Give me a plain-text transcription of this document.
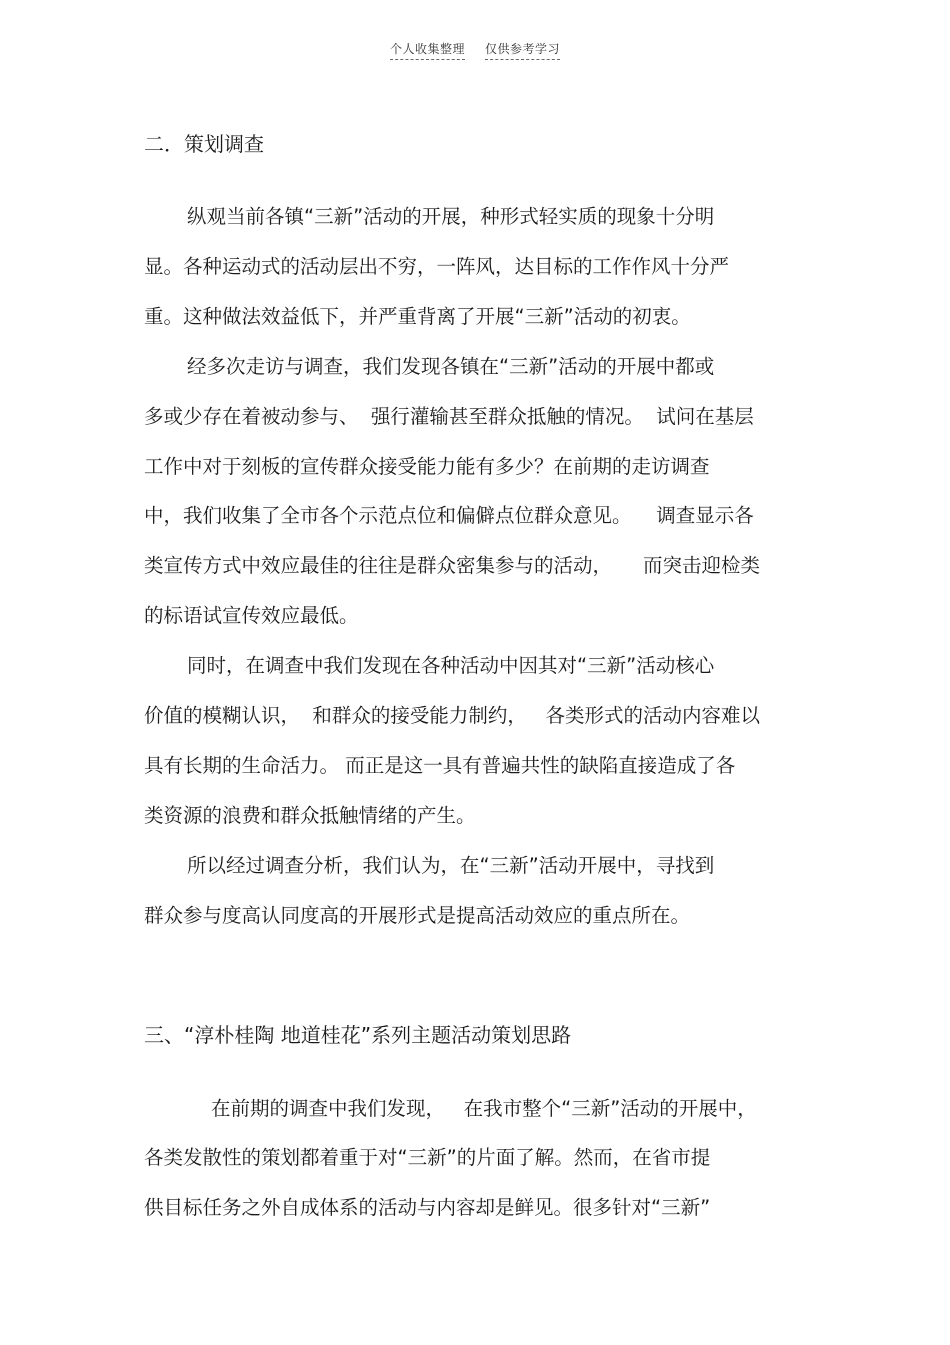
个人收集整理 仅供参考学习
二．策划调查
纵观当前各镇“三新”活动的开展，种形式轻实质的现象十分明
显。各种运动式的活动层出不穷，一阵风，达目标的工作作风十分严
重。这种做法效益低下，并严重背离了开展“三新”活动的初衷。
经多次走访与调查，我们发现各镇在“三新”活动的开展中都或
多或少存在着被动参与、  强行灌输甚至群众抵触的情况。  试问在基层
工作中对于刻板的宣传群众接受能力能有多少？在前期的走访调查
中，我们收集了全市各个示范点位和偏僻点位群众意见。    调查显示各
类宣传方式中效应最佳的往往是群众密集参与的活动，     而突击迎检类
的标语试宣传效应最低。
同时，在调查中我们发现在各种活动中因其对“三新”活动核心
价值的模糊认识，  和群众的接受能力制约，   各类形式的活动内容难以
具有长期的生命活力。 而正是这一具有普遍共性的缺陷直接造成了各
类资源的浪费和群众抵触情绪的产生。
所以经过调查分析，我们认为，在“三新”活动开展中，寻找到
群众参与度高认同度高的开展形式是提高活动效应的重点所在。
三、“淳朴桂陶 地道桂花”系列主题活动策划思路
在前期的调查中我们发现，   在我市整个“三新”活动的开展中，
各类发散性的策划都着重于对“三新”的片面了解。然而，在省市提
供目标任务之外自成体系的活动与内容却是鲜见。很多针对“三新”
